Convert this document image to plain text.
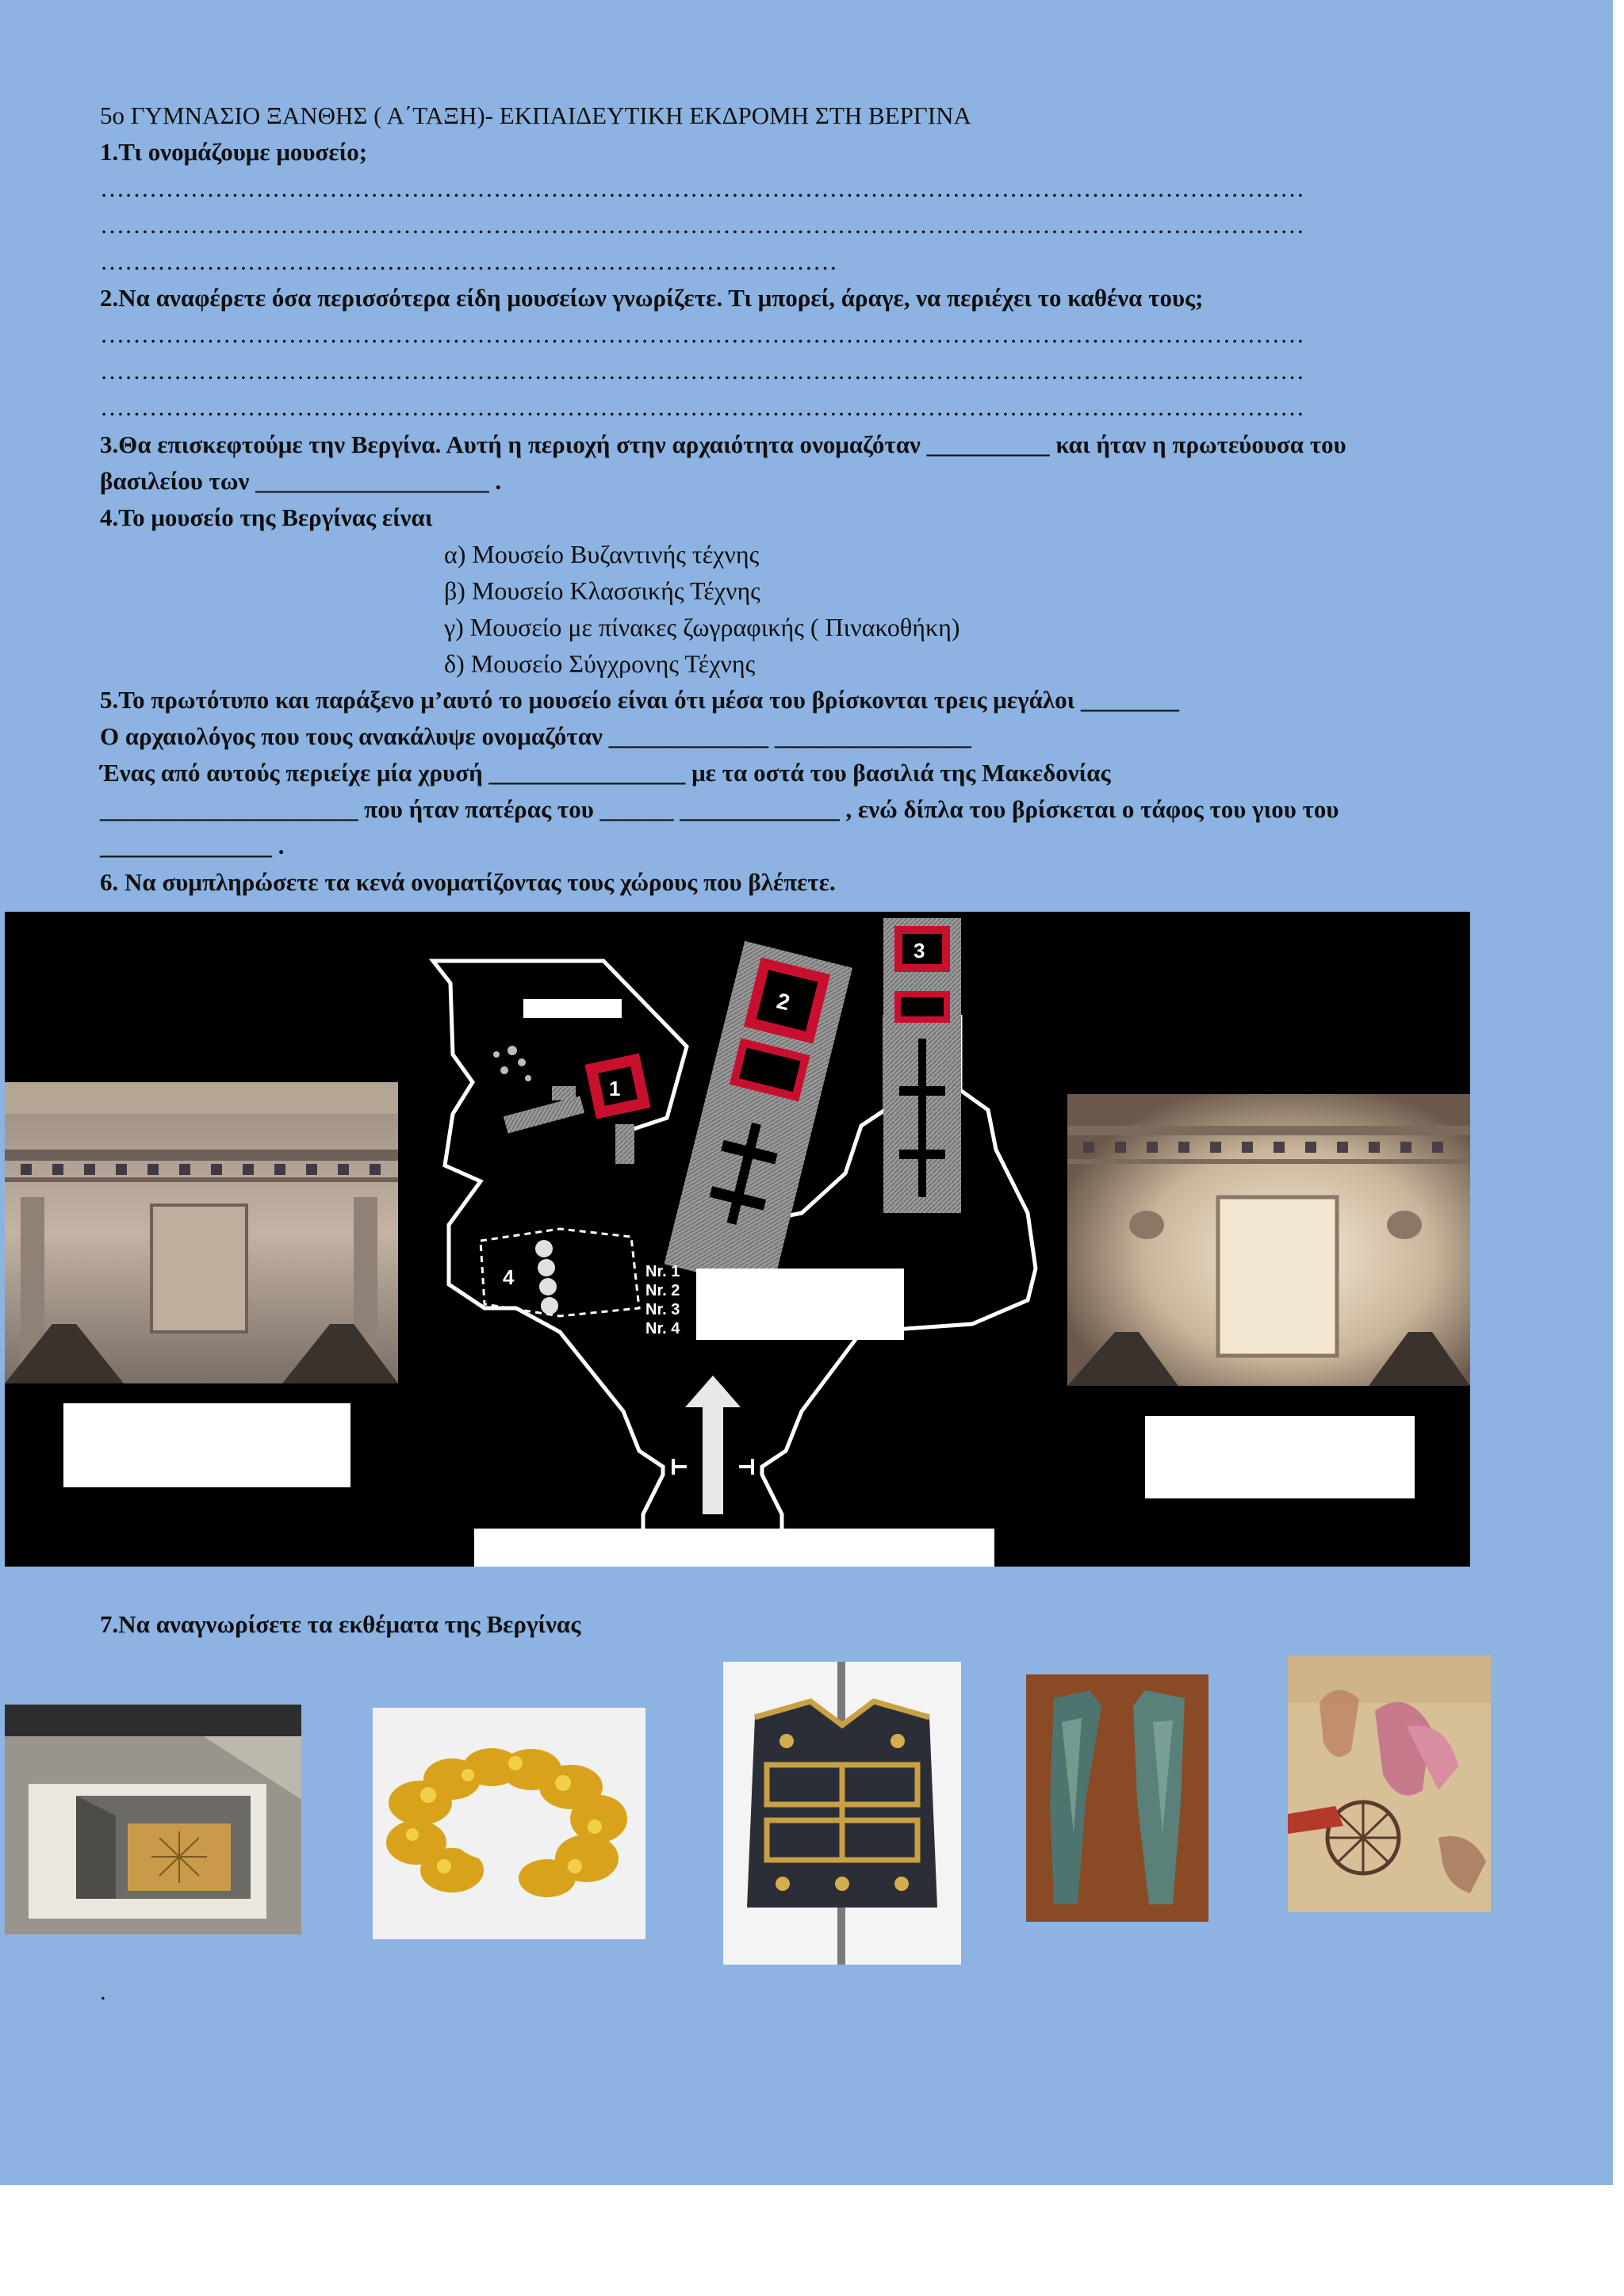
5ο ΓΥΜΝΑΣΙΟ ΞΑΝΘΗΣ ( Α΄ΤΑΞΗ)- ΕΚΠΑΙΔΕΥΤΙΚΗ ΕΚΔΡΟΜΗ ΣΤΗ ΒΕΡΓΙΝΑ
1.Τι ονομάζουμε μουσείο;
…………………………………………………………………………………………………………………………………
…………………………………………………………………………………………………………………………………
………………………………………………………………………………
2.Να αναφέρετε όσα περισσότερα είδη μουσείων γνωρίζετε. Τι μπορεί, άραγε, να περιέχει το καθένα τους;
…………………………………………………………………………………………………………………………………
…………………………………………………………………………………………………………………………………
…………………………………………………………………………………………………………………………………
3.Θα επισκεφτούμε την Βεργίνα. Αυτή η περιοχή στην αρχαιότητα ονομαζόταν __________ και ήταν η πρωτεύουσα του
βασιλείου των ___________________ .
4.Το μουσείο της Βεργίνας είναι
α) Μουσείο Βυζαντινής τέχνης
β) Μουσείο Κλασσικής Τέχνης
γ) Μουσείο με πίνακες ζωγραφικής ( Πινακοθήκη)
δ) Μουσείο Σύγχρονης Τέχνης
5.Το πρωτότυπο και παράξενο μ’αυτό το μουσείο είναι ότι μέσα του βρίσκονται τρεις μεγάλοι ________
Ο αρχαιολόγος που τους ανακάλυψε ονομαζόταν _____________ ________________
Ένας από αυτούς περιείχε μία χρυσή ________________ με τα οστά του βασιλιά της Μακεδονίας
_____________________ που ήταν πατέρας του ______ _____________ , ενώ δίπλα του βρίσκεται ο τάφος του γιου του
______________ .
6. Να συμπληρώσετε τα κενά ονοματίζοντας τους χώρους που βλέπετε.
1
2
3
4	Nr. 1
Nr. 2
Nr. 3
Nr. 4
7.Να αναγνωρίσετε τα εκθέματα της Βεργίνας
.
